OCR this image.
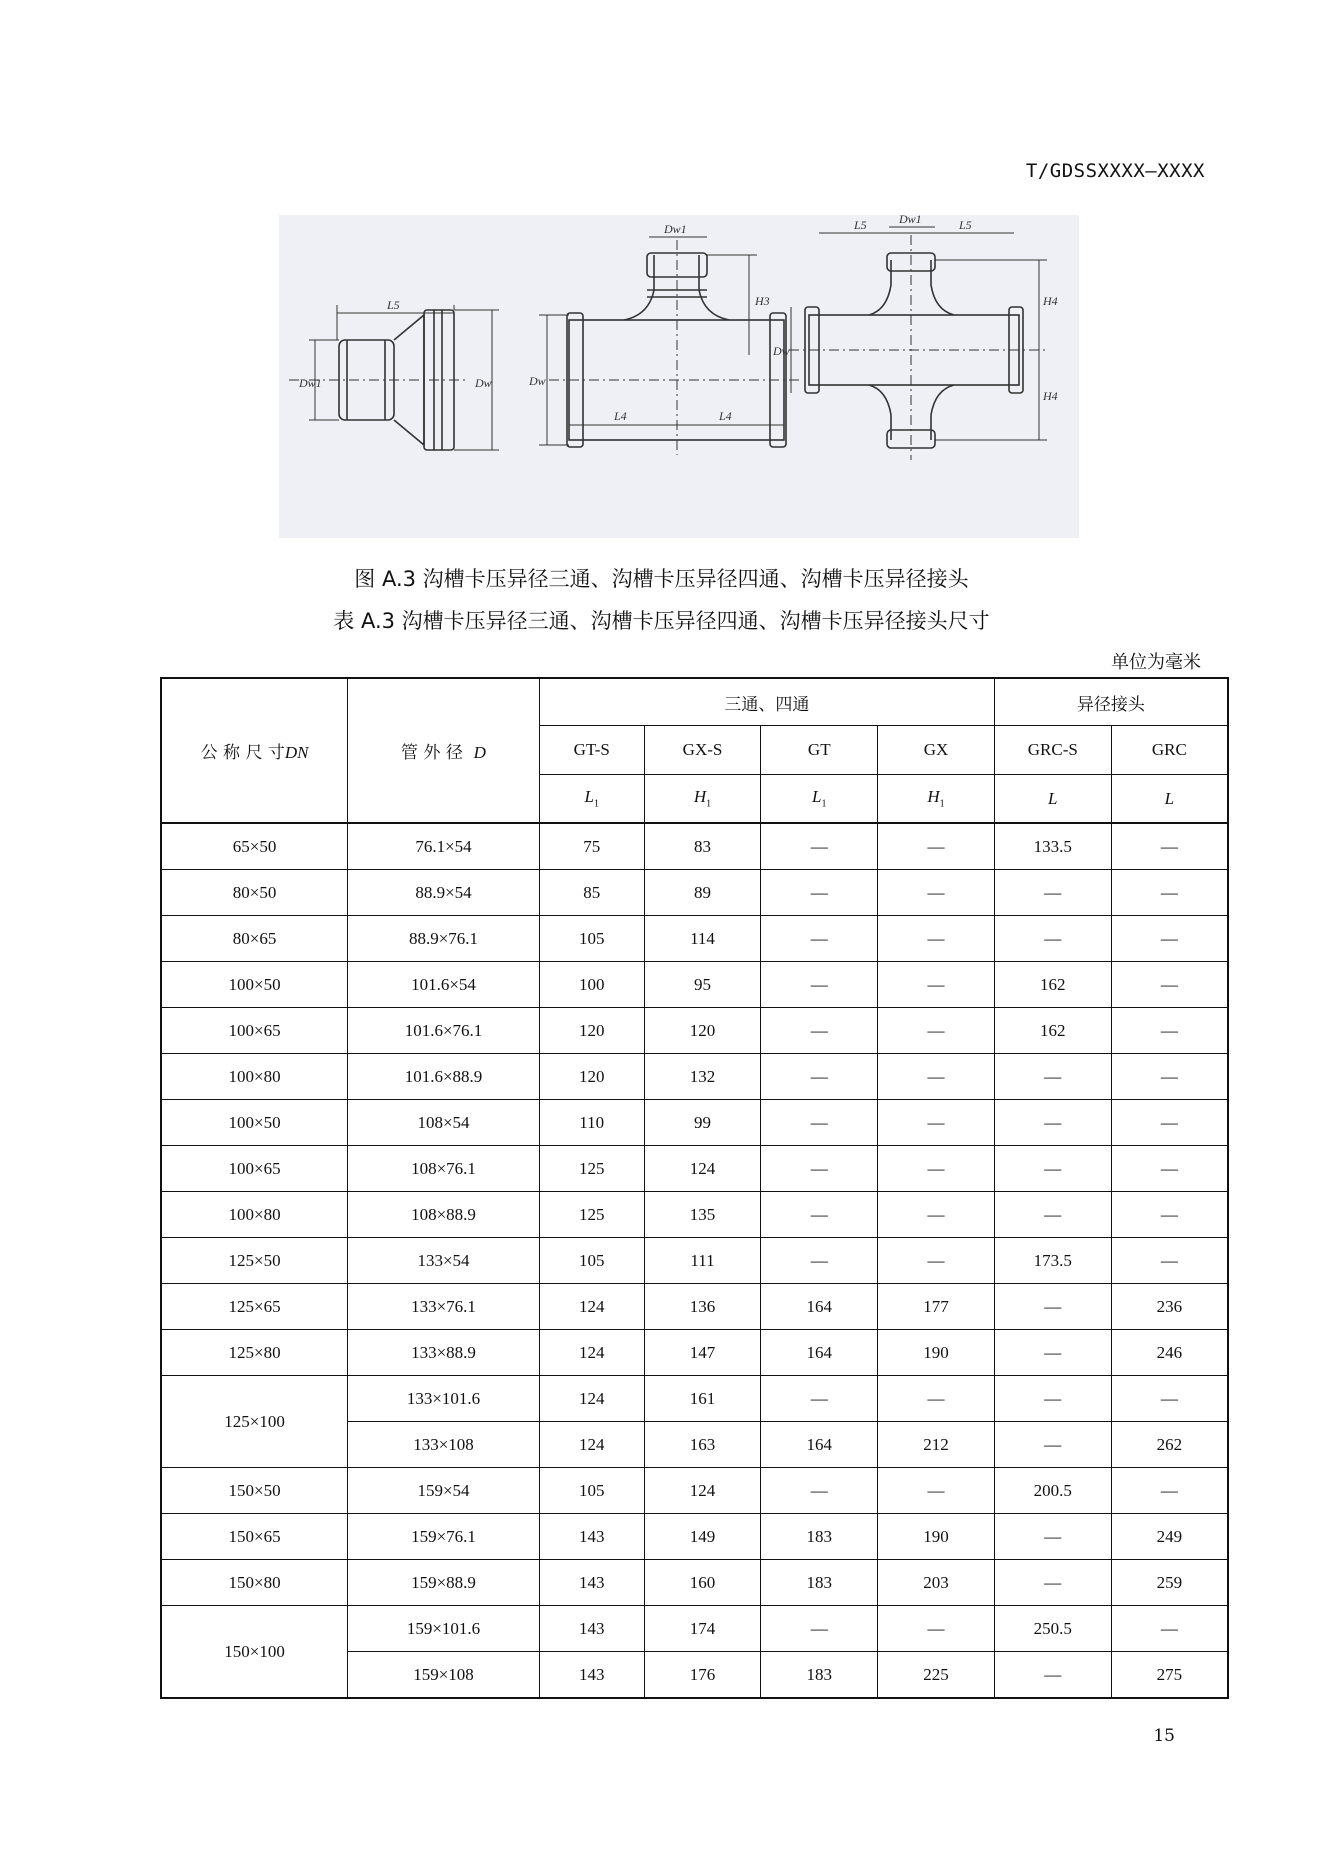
T/GDSSXXXX—XXXX
L5
Dw1	Dw
Dw1
H3
Dw
L4	L4
Dw1
L5	L5
H4
H4
Dw
图 A.3 沟槽卡压异径三通、沟槽卡压异径四通、沟槽卡压异径接头
表 A.3 沟槽卡压异径三通、沟槽卡压异径四通、沟槽卡压异径接头尺寸
单位为毫米
公 称 尺 寸DN	管 外 径 D	三通、四通				异径接头	
		GT-S	GX-S	GT	GX	GRC-S	GRC
		$L_1$	$H_1$	$L_1$	$H_1$	L	L
65×50	76.1×54	75	83	—	—	133.5	—
80×50	88.9×54	85	89	—	—	—	—
80×65	88.9×76.1	105	114	—	—	—	—
100×50	101.6×54	100	95	—	—	162	—
100×65	101.6×76.1	120	120	—	—	162	—
100×80	101.6×88.9	120	132	—	—	—	—
100×50	108×54	110	99	—	—	—	—
100×65	108×76.1	125	124	—	—	—	—
100×80	108×88.9	125	135	—	—	—	—
125×50	133×54	105	111	—	—	173.5	—
125×65	133×76.1	124	136	164	177	—	236
125×80	133×88.9	124	147	164	190	—	246
125×100	133×101.6	124	161	—	—	—	—
	133×108	124	163	164	212	—	262
150×50	159×54	105	124	—	—	200.5	—
150×65	159×76.1	143	149	183	190	—	249
150×80	159×88.9	143	160	183	203	—	259
150×100	159×101.6	143	174	—	—	250.5	—
	159×108	143	176	183	225	—	275
15
